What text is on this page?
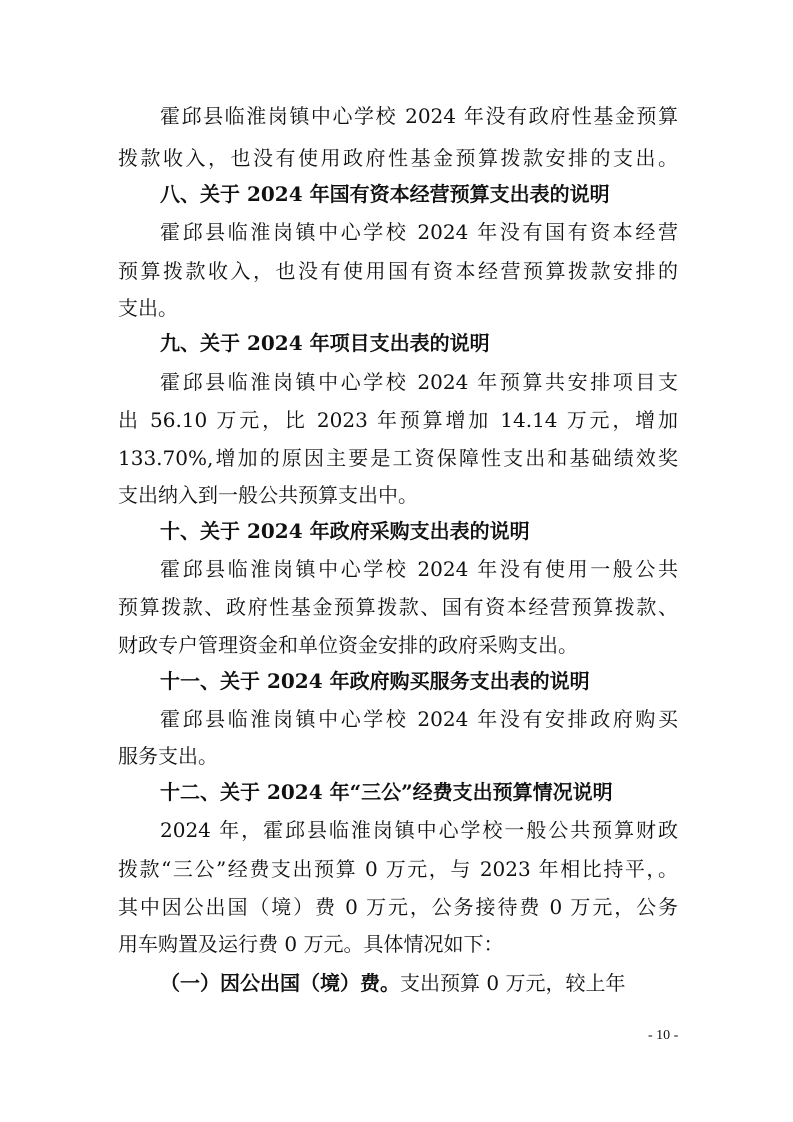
霍邱县临淮岗镇中心学校 2024 年没有政府性基金预算
拨款收入，也没有使用政府性基金预算拨款安排的支出。
八、关于 2024 年国有资本经营预算支出表的说明
霍邱县临淮岗镇中心学校 2024 年没有国有资本经营
预算拨款收入，也没有使用国有资本经营预算拨款安排的
支出。
九、关于 2024 年项目支出表的说明
霍邱县临淮岗镇中心学校 2024 年预算共安排项目支
出 56.10 万元，比 2023 年预算增加 14.14 万元，增加
133.70%,增加的原因主要是工资保障性支出和基础绩效奖
支出纳入到一般公共预算支出中。
十、关于 2024 年政府采购支出表的说明
霍邱县临淮岗镇中心学校 2024 年没有使用一般公共
预算拨款、政府性基金预算拨款、国有资本经营预算拨款、
财政专户管理资金和单位资金安排的政府采购支出。
十一、关于 2024 年政府购买服务支出表的说明
霍邱县临淮岗镇中心学校 2024 年没有安排政府购买
服务支出。
十二、关于 2024 年“三公”经费支出预算情况说明
2024 年，霍邱县临淮岗镇中心学校一般公共预算财政
拨款“三公”经费支出预算 0 万元，与 2023 年相比持平，。
其中因公出国（境）费 0 万元，公务接待费 0 万元，公务
用车购置及运行费 0 万元。具体情况如下：
（一）因公出国（境）费。支出预算 0 万元，较上年
- 10 -
